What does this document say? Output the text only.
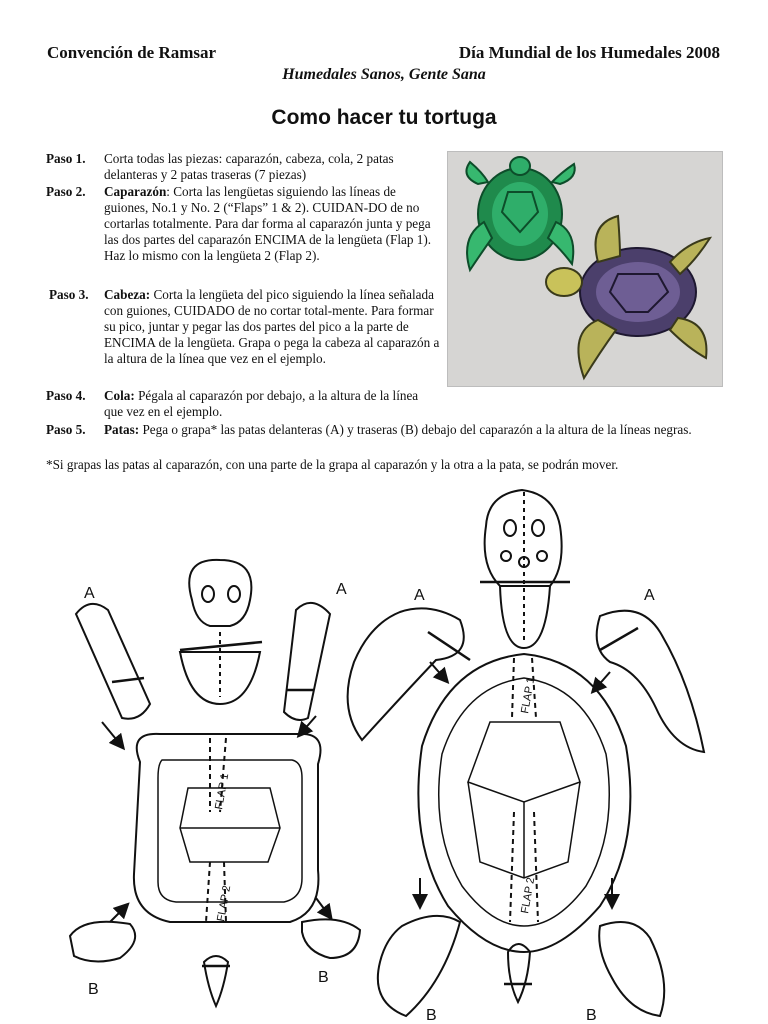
Convención de Ramsar	Día Mundial de los Humedales 2008
Humedales Sanos, Gente Sana
Como hacer tu tortuga
Paso 1. Corta todas las piezas: caparazón, cabeza, cola, 2 patas delanteras y 2 patas traseras (7 piezas)
Paso 2. Caparazón: Corta las lengüetas siguiendo las líneas de guiones, No.1 y No. 2 (“Flaps” 1 & 2). CUIDAN-DO de no cortarlas totalmente. Para dar forma al caparazón junta y pega las dos partes del caparazón ENCIMA de la lengüeta (Flap 1). Haz lo mismo con la lengüeta 2 (Flap 2).
Paso 3. Cabeza: Corta la lengüeta del pico siguiendo la línea señalada con guiones, CUIDADO de no cortar total-mente. Para formar su pico, juntar y pegar las dos partes del pico a la parte de ENCIMA de la lengüeta. Grapa o pega la cabeza al caparazón a la altura de la línea que vez en el ejemplo.
Paso 4. Cola: Pégala al caparazón por debajo, a la altura de la línea que vez en el ejemplo.
Paso 5. Patas: Pega o grapa* las patas delanteras (A) y traseras (B) debajo del caparazón a la altura de la líneas negras.
*Si grapas las patas al caparazón, con una parte de la grapa al caparazón y la otra a la pata, se podrán mover.
A	A
B
B
A	A
B	B
FLAP 1
FLAP 2
FLAP 1
FLAP 2
